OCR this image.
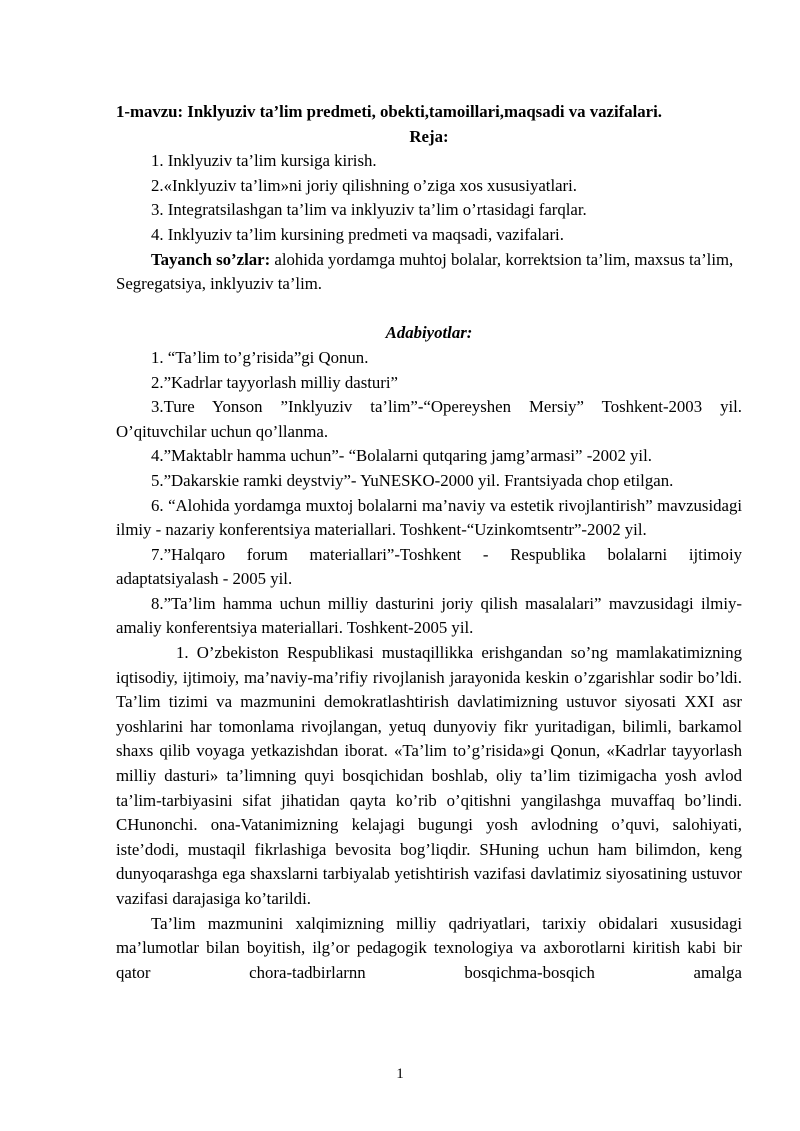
1-mavzu: Inklyuziv ta’lim predmeti, obekti,tamoillari,maqsadi va vazifalari.

Reja:

1. Inklyuziv ta’lim kursiga kirish.

2.«Inklyuziv ta’lim»ni joriy qilishning o’ziga xos xususiyatlari.

3. Integratsilashgan ta’lim va inklyuziv ta’lim o’rtasidagi farqlar.

4. Inklyuziv ta’lim kursining predmeti va maqsadi, vazifalari.

Tayanch so’zlar: alohida yordamga muhtoj bolalar, korrektsion ta’lim, maxsus ta’lim, Segregatsiya, inklyuziv ta’lim.

Adabiyotlar:

1. “Ta’lim to’g’risida”gi Qonun.

2.”Kadrlar tayyorlash milliy dasturi”

3.Ture Yonson ”Inklyuziv ta’lim”-“Opereyshen Mersiy” Toshkent-2003 yil. O’qituvchilar uchun qo’llanma.

4.”Maktablr hamma uchun”- “Bolalarni qutqaring jamg’armasi” -2002 yil.

5.”Dakarskie ramki deystviy”- YuNESKO-2000 yil. Frantsiyada chop etilgan.

6. “Alohida yordamga muxtoj bolalarni ma’naviy va estetik rivojlantirish” mavzusidagi ilmiy - nazariy konferentsiya materiallari. Toshkent-“Uzinkomtsentr”-2002 yil.

7.”Halqaro forum materiallari”-Toshkent - Respublika bolalarni ijtimoiy adaptatsiyalash - 2005 yil.

8.”Ta’lim hamma uchun milliy dasturini joriy qilish masalalari” mavzusidagi ilmiy-amaliy konferentsiya materiallari. Toshkent-2005 yil.

1. O’zbekiston Respublikasi mustaqillikka erishgandan so’ng mamlakatimizning iqtisodiy, ijtimoiy, ma’naviy-ma’rifiy rivojlanish jarayonida keskin o’zgarishlar sodir bo’ldi. Ta’lim tizimi va mazmunini demokratlashtirish davlatimizning ustuvor siyosati XXI asr yoshlarini har tomonlama rivojlangan, yetuq dunyoviy fikr yuritadigan, bilimli, barkamol shaxs qilib voyaga yetkazishdan iborat. «Ta’lim to’g’risida»gi Qonun, «Kadrlar tayyorlash milliy dasturi» ta’limning quyi bosqichidan boshlab, oliy ta’lim tizimigacha yosh avlod ta’lim-tarbiyasini sifat jihatidan qayta ko’rib o’qitishni yangilashga muvaffaq bo’lindi. CHunonchi. ona-Vatanimizning kelajagi bugungi yosh avlodning o’quvi, salohiyati, iste’dodi, mustaqil fikrlashiga bevosita bog’liqdir. SHuning uchun ham bilimdon, keng dunyoqarashga ega shaxslarni tarbiyalab yetishtirish vazifasi davlatimiz siyosatining ustuvor vazifasi darajasiga ko’tarildi.

Ta’lim mazmunini xalqimizning milliy qadriyatlari, tarixiy obidalari xususidagi ma’lumotlar bilan boyitish, ilg’or pedagogik texnologiya va axborotlarni kiritish kabi bir qator chora-tadbirlarnn bosqichma-bosqich amalga

1
